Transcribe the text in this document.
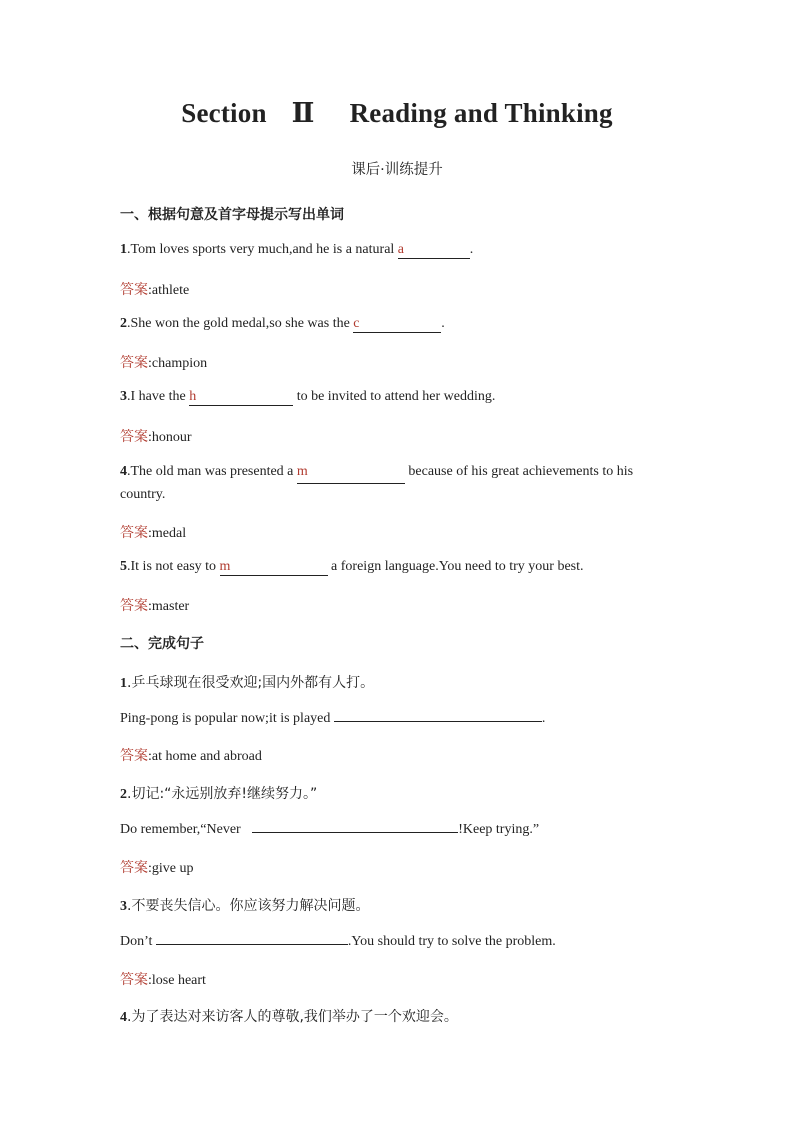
Section Ⅱ Reading and Thinking
课后·训练提升
一、根据句意及首字母提示写出单词
1.Tom loves sports very much,and he is a natural a	.
答案:athlete
2.She won the gold medal,so she was the c	.
答案:champion
3.I have the h	to be invited to attend her wedding.
答案:honour
4.The old man was presented a m	because of his great achievements to his country.
答案:medal
5.It is not easy to m	a foreign language.You need to try your best.
答案:master
二、完成句子
1.乒乓球现在很受欢迎;国内外都有人打。
Ping-pong is popular now;it is played	.
答案:at home and abroad
2.切记:“永远别放弃!继续努力。”
Do remember,“Never	!Keep trying.”
答案:give up
3.不要丧失信心。你应该努力解决问题。
Don’t	.You should try to solve the problem.
答案:lose heart
4.为了表达对来访客人的尊敬,我们举办了一个欢迎会。
